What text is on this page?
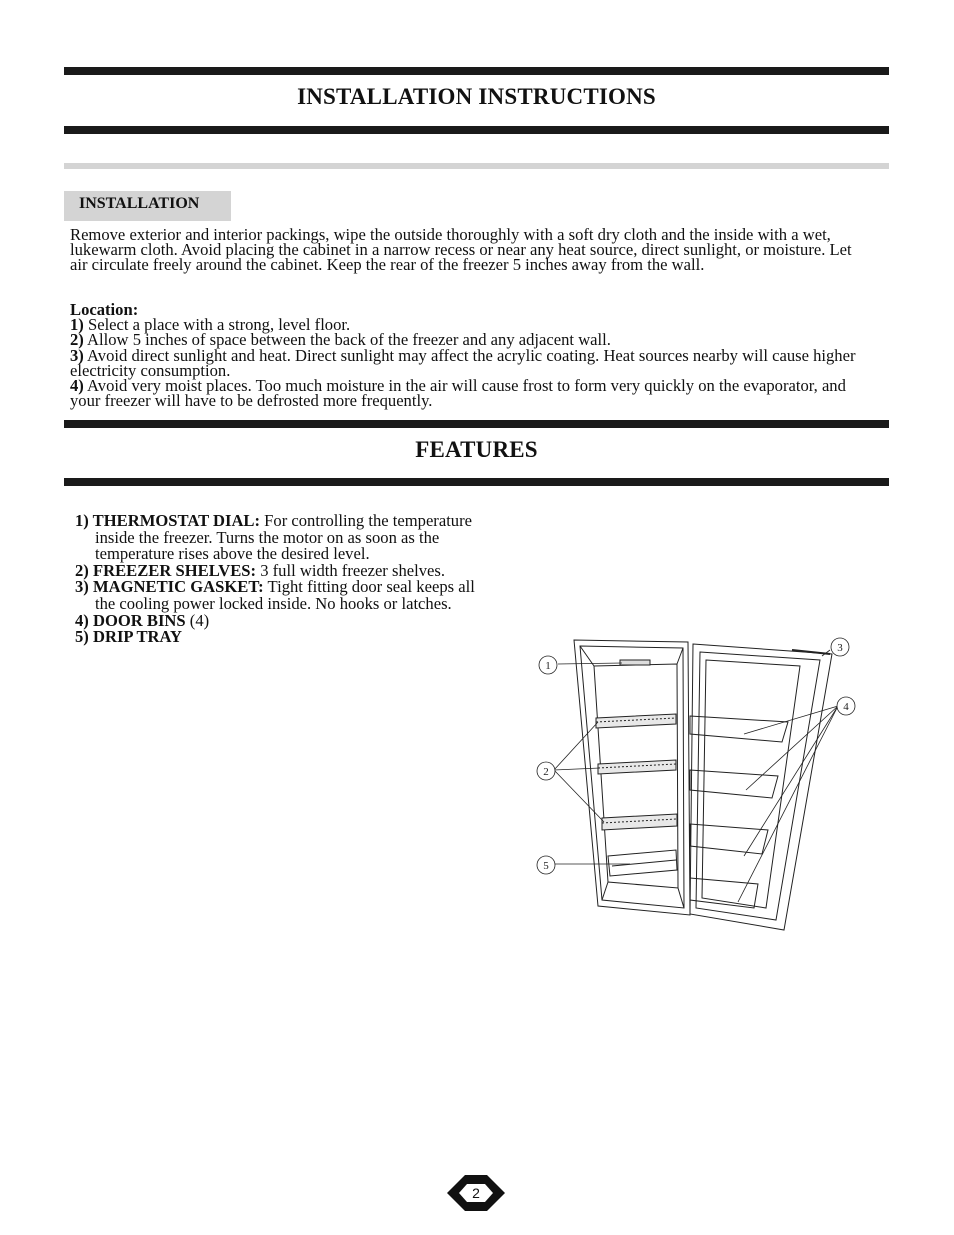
INSTALLATION INSTRUCTIONS
INSTALLATION
Remove exterior and interior packings, wipe the outside thoroughly with a soft dry cloth and the inside with a wet, lukewarm cloth. Avoid placing the cabinet in a narrow recess or near any heat source, direct sunlight, or moisture. Let air circulate freely around the cabinet. Keep the rear of the freezer 5 inches away from the wall.
Location:
1) Select a place with a strong, level floor.
2) Allow 5 inches of space between the back of the freezer and any adjacent wall.
3) Avoid direct sunlight and heat. Direct sunlight may affect the acrylic coating. Heat sources nearby will cause higher electricity consumption.
4) Avoid very moist places. Too much moisture in the air will cause frost to form very quickly on the evaporator, and your freezer will have to be defrosted more frequently.
FEATURES
1) THERMOSTAT DIAL: For controlling the temperature inside the freezer. Turns the motor on as soon as the temperature rises above the desired level.
2) FREEZER SHELVES: 3 full width freezer shelves.
3) MAGNETIC GASKET: Tight fitting door seal keeps all the cooling power locked inside. No hooks or latches.
4) DOOR BINS (4)
5) DRIP TRAY
1
2
3
4
5
2
